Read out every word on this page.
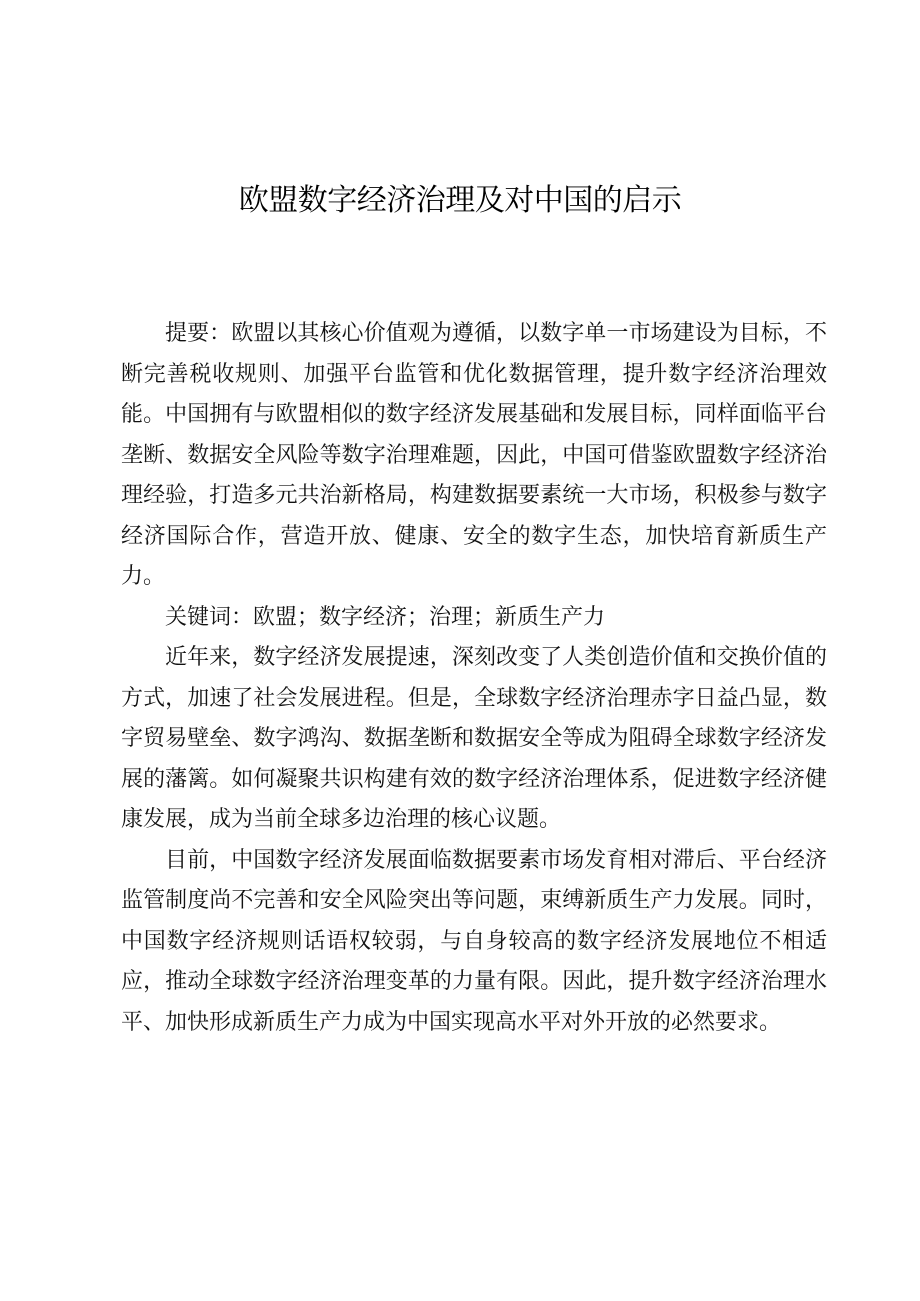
欧盟数字经济治理及对中国的启示

提要：欧盟以其核心价值观为遵循，以数字单一市场建设为目标，不断完善税收规则、加强平台监管和优化数据管理，提升数字经济治理效能。中国拥有与欧盟相似的数字经济发展基础和发展目标，同样面临平台垄断、数据安全风险等数字治理难题，因此，中国可借鉴欧盟数字经济治理经验，打造多元共治新格局，构建数据要素统一大市场，积极参与数字经济国际合作，营造开放、健康、安全的数字生态，加快培育新质生产力。

关键词：欧盟；数字经济；治理；新质生产力

近年来，数字经济发展提速，深刻改变了人类创造价值和交换价值的方式，加速了社会发展进程。但是，全球数字经济治理赤字日益凸显，数字贸易壁垒、数字鸿沟、数据垄断和数据安全等成为阻碍全球数字经济发展的藩篱。如何凝聚共识构建有效的数字经济治理体系，促进数字经济健康发展，成为当前全球多边治理的核心议题。

目前，中国数字经济发展面临数据要素市场发育相对滞后、平台经济监管制度尚不完善和安全风险突出等问题，束缚新质生产力发展。同时，中国数字经济规则话语权较弱，与自身较高的数字经济发展地位不相适应，推动全球数字经济治理变革的力量有限。因此，提升数字经济治理水平、加快形成新质生产力成为中国实现高水平对外开放的必然要求。
